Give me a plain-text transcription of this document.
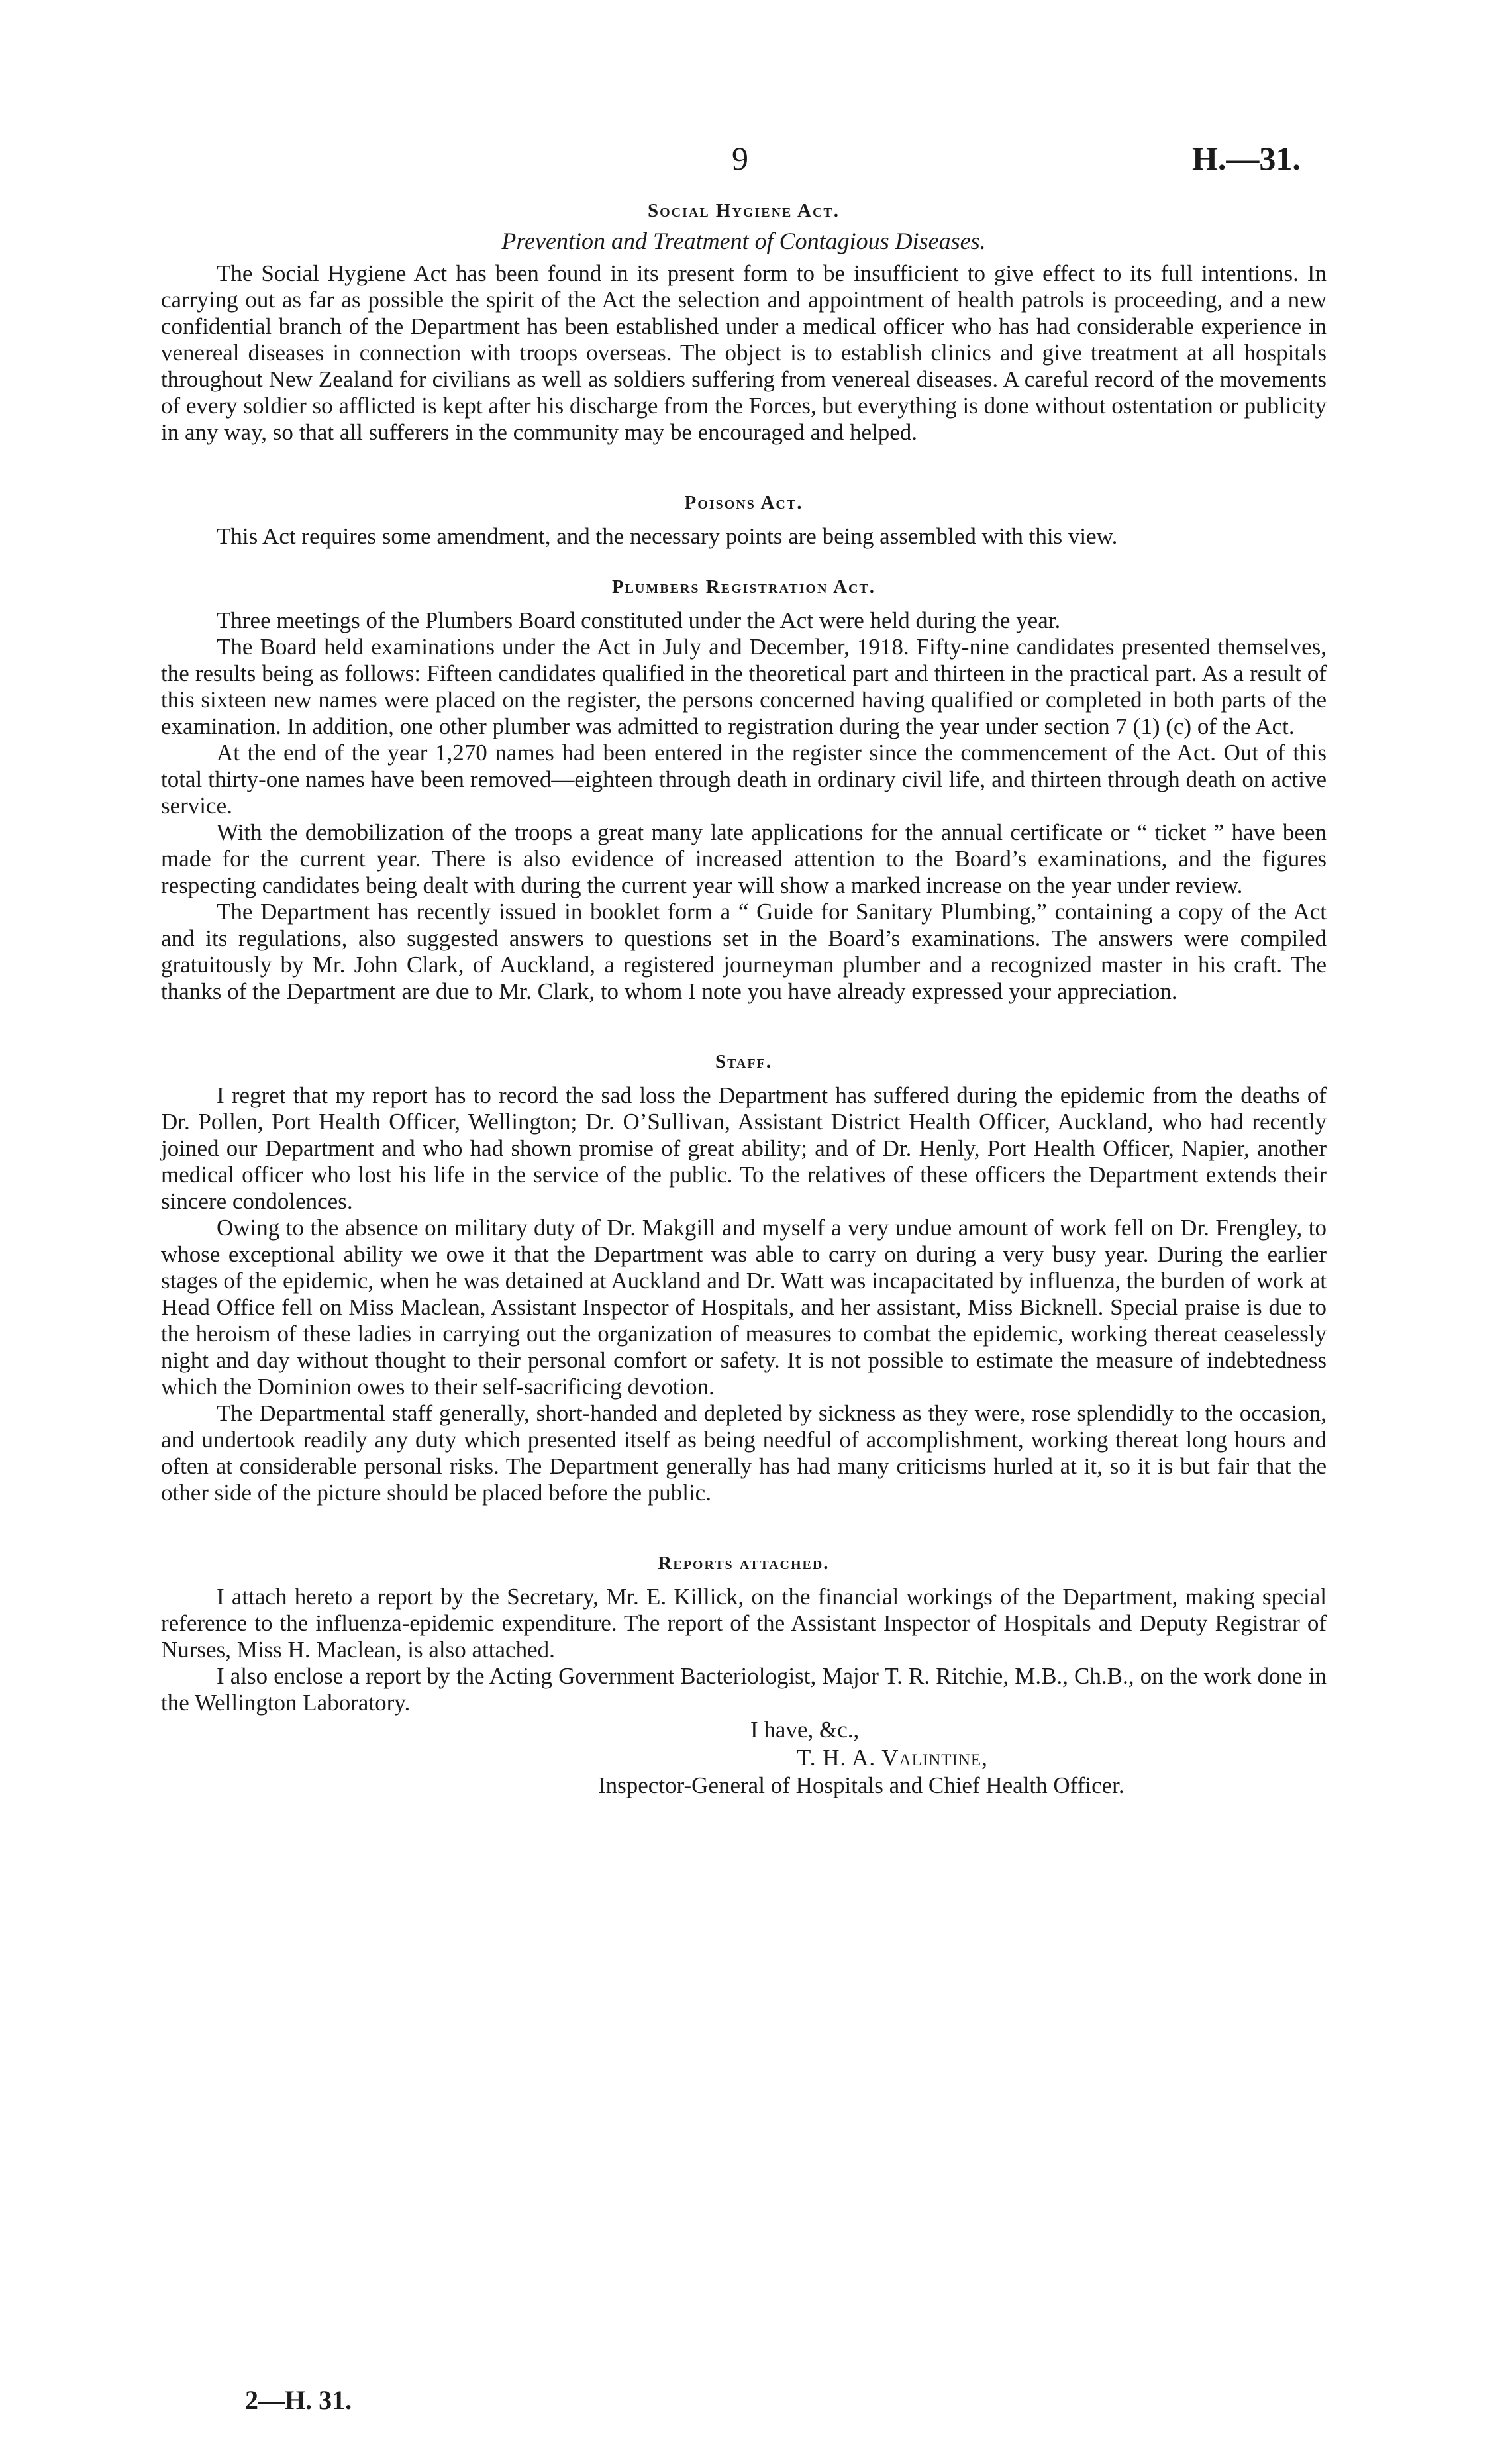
9	H.—31.
Social Hygiene Act.
Prevention and Treatment of Contagious Diseases.

The Social Hygiene Act has been found in its present form to be insufficient to give effect to its full intentions. In carrying out as far as possible the spirit of the Act the selection and appointment of health patrols is proceeding, and a new confidential branch of the Department has been established under a medical officer who has had considerable experience in venereal diseases in connection with troops overseas. The object is to establish clinics and give treatment at all hospitals throughout New Zealand for civilians as well as soldiers suffering from venereal diseases. A careful record of the movements of every soldier so afflicted is kept after his discharge from the Forces, but everything is done without ostentation or publicity in any way, so that all sufferers in the community may be encouraged and helped.

Poisons Act.

This Act requires some amendment, and the necessary points are being assembled with this view.

Plumbers Registration Act.

Three meetings of the Plumbers Board constituted under the Act were held during the year.

The Board held examinations under the Act in July and December, 1918. Fifty-nine candidates presented themselves, the results being as follows: Fifteen candidates qualified in the theoretical part and thirteen in the practical part. As a result of this sixteen new names were placed on the register, the persons concerned having qualified or completed in both parts of the examination. In addition, one other plumber was admitted to registration during the year under section 7 (1) (c) of the Act.

At the end of the year 1,270 names had been entered in the register since the commencement of the Act. Out of this total thirty-one names have been removed—eighteen through death in ordinary civil life, and thirteen through death on active service.

With the demobilization of the troops a great many late applications for the annual certificate or “ ticket ” have been made for the current year. There is also evidence of increased attention to the Board’s examinations, and the figures respecting candidates being dealt with during the current year will show a marked increase on the year under review.

The Department has recently issued in booklet form a “ Guide for Sanitary Plumbing,” containing a copy of the Act and its regulations, also suggested answers to questions set in the Board’s examinations. The answers were compiled gratuitously by Mr. John Clark, of Auckland, a registered journeyman plumber and a recognized master in his craft. The thanks of the Department are due to Mr. Clark, to whom I note you have already expressed your appreciation.

Staff.

I regret that my report has to record the sad loss the Department has suffered during the epidemic from the deaths of Dr. Pollen, Port Health Officer, Wellington; Dr. O’Sullivan, Assistant District Health Officer, Auckland, who had recently joined our Department and who had shown promise of great ability; and of Dr. Henly, Port Health Officer, Napier, another medical officer who lost his life in the service of the public. To the relatives of these officers the Department extends their sincere condolences.

Owing to the absence on military duty of Dr. Makgill and myself a very undue amount of work fell on Dr. Frengley, to whose exceptional ability we owe it that the Department was able to carry on during a very busy year. During the earlier stages of the epidemic, when he was detained at Auckland and Dr. Watt was incapacitated by influenza, the burden of work at Head Office fell on Miss Maclean, Assistant Inspector of Hospitals, and her assistant, Miss Bicknell. Special praise is due to the heroism of these ladies in carrying out the organization of measures to combat the epidemic, working thereat ceaselessly night and day without thought to their personal comfort or safety. It is not possible to estimate the measure of indebtedness which the Dominion owes to their self-sacrificing devotion.

The Departmental staff generally, short-handed and depleted by sickness as they were, rose splendidly to the occasion, and undertook readily any duty which presented itself as being needful of accomplishment, working thereat long hours and often at considerable personal risks. The Department generally has had many criticisms hurled at it, so it is but fair that the other side of the picture should be placed before the public.

Reports attached.

I attach hereto a report by the Secretary, Mr. E. Killick, on the financial workings of the Department, making special reference to the influenza-epidemic expenditure. The report of the Assistant Inspector of Hospitals and Deputy Registrar of Nurses, Miss H. Maclean, is also attached.

I also enclose a report by the Acting Government Bacteriologist, Major T. R. Ritchie, M.B., Ch.B., on the work done in the Wellington Laboratory.

I have, &c.,
T. H. A. Valintine,
Inspector-General of Hospitals and Chief Health Officer.
2—H. 31.
